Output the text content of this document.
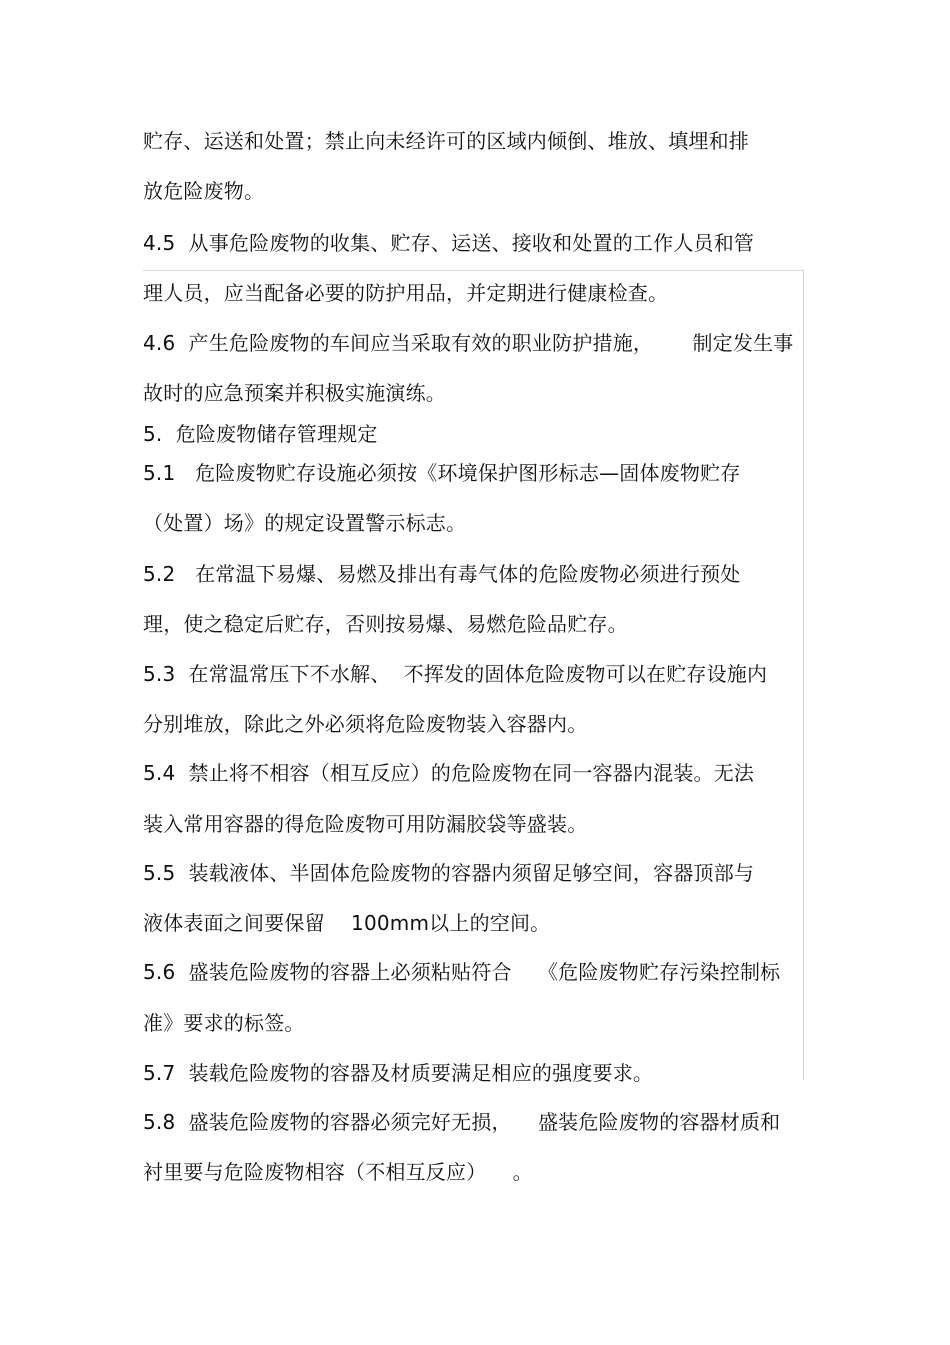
贮存、运送和处置；禁止向未经许可的区域内倾倒、堆放、填埋和排
放危险废物。
4.5  从事危险废物的收集、贮存、运送、接收和处置的工作人员和管
理人员，应当配备必要的防护用品，并定期进行健康检查。
4.6  产生危险废物的车间应当采取有效的职业防护措施，      制定发生事
故时的应急预案并积极实施演练。
5.  危险废物储存管理规定
5.1   危险废物贮存设施必须按《环境保护图形标志—固体废物贮存
（处置）场》的规定设置警示标志。
5.2   在常温下易爆、易燃及排出有毒气体的危险废物必须进行预处
理，使之稳定后贮存，否则按易爆、易燃危险品贮存。
5.3  在常温常压下不水解、  不挥发的固体危险废物可以在贮存设施内
分别堆放，除此之外必须将危险废物装入容器内。
5.4  禁止将不相容（相互反应）的危险废物在同一容器内混装。无法
装入常用容器的得危险废物可用防漏胶袋等盛装。
5.5  装载液体、半固体危险废物的容器内须留足够空间，容器顶部与
液体表面之间要保留    100mm以上的空间。
5.6  盛装危险废物的容器上必须粘贴符合    《危险废物贮存污染控制标
准》要求的标签。
5.7  装载危险废物的容器及材质要满足相应的强度要求。
5.8  盛装危险废物的容器必须完好无损，    盛装危险废物的容器材质和
衬里要与危险废物相容（不相互反应）    。
